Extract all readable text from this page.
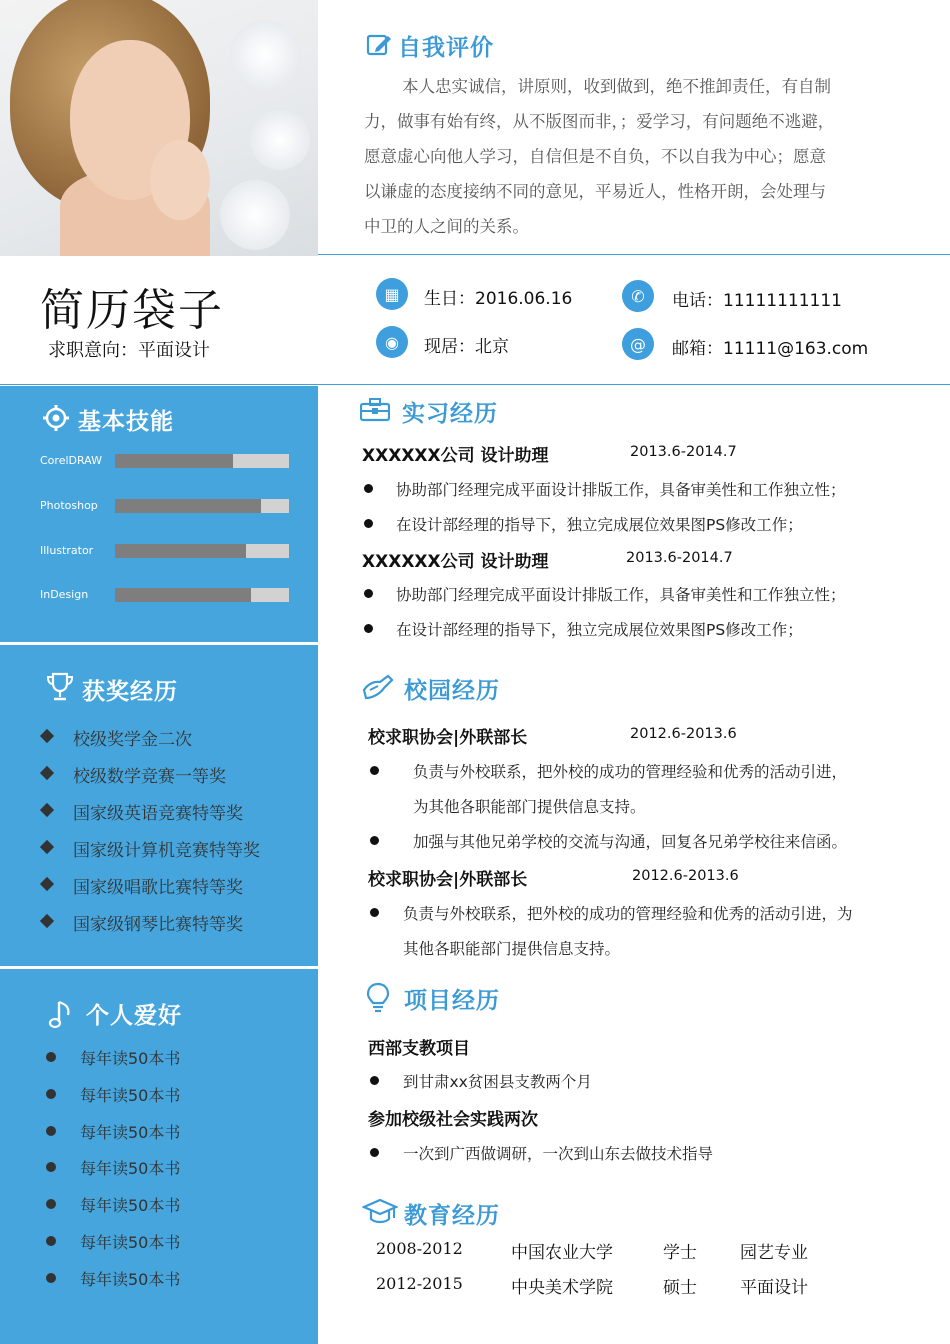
自我评价
本人忠实诚信，讲原则，收到做到，绝不推卸责任，有自制
力，做事有始有终，从不版图而非，；爱学习，有问题绝不逃避，
愿意虚心向他人学习，自信但是不自负，不以自我为中心；愿意
以谦虚的态度接纳不同的意见，平易近人，性格开朗，会处理与
中卫的人之间的关系。
简历袋子
求职意向：平面设计
▦	生日：2016.06.16	✆	电话：11111111111
◉	现居：北京	@	邮箱：11111@163.com
基本技能
CorelDRAW
Photoshop
Illustrator
InDesign
获奖经历
校级奖学金二次
校级数学竞赛一等奖
国家级英语竞赛特等奖
国家级计算机竞赛特等奖
国家级唱歌比赛特等奖
国家级钢琴比赛特等奖
个人爱好
每年读50本书
每年读50本书
每年读50本书
每年读50本书
每年读50本书
每年读50本书
每年读50本书
实习经历
XXXXXX公司 设计助理	2013.6-2014.7
协助部门经理完成平面设计排版工作，具备审美性和工作独立性；
在设计部经理的指导下，独立完成展位效果图PS修改工作；
XXXXXX公司 设计助理	2013.6-2014.7
协助部门经理完成平面设计排版工作，具备审美性和工作独立性；
在设计部经理的指导下，独立完成展位效果图PS修改工作；
校园经历
校求职协会|外联部长	2012.6-2013.6
负责与外校联系，把外校的成功的管理经验和优秀的活动引进，
为其他各职能部门提供信息支持。
加强与其他兄弟学校的交流与沟通，回复各兄弟学校往来信函。
校求职协会|外联部长	2012.6-2013.6
负责与外校联系，把外校的成功的管理经验和优秀的活动引进，为
其他各职能部门提供信息支持。
项目经历
西部支教项目
到甘肃xx贫困县支教两个月
参加校级社会实践两次
一次到广西做调研，一次到山东去做技术指导
教育经历
2008-2012	中国农业大学	学士	园艺专业
2012-2015	中央美术学院	硕士	平面设计
